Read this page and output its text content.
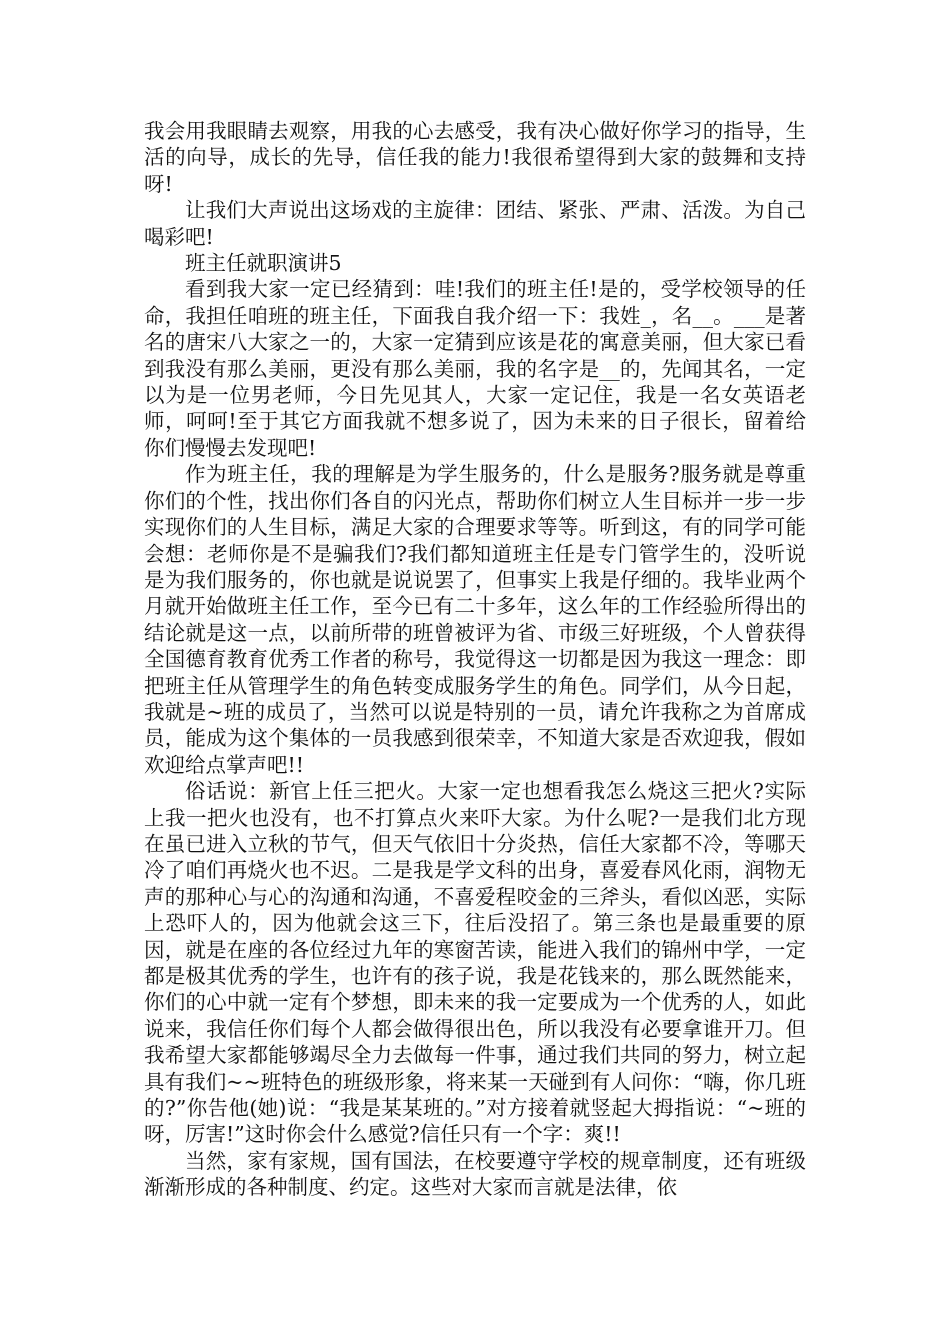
我会用我眼睛去观察，用我的心去感受，我有决心做好你学习的指导，生活的向导，成长的先导，信任我的能力!我很希望得到大家的鼓舞和支持呀!

让我们大声说出这场戏的主旋律：团结、紧张、严肃、活泼。为自己喝彩吧!

班主任就职演讲5

看到我大家一定已经猜到：哇!我们的班主任!是的，受学校领导的任命，我担任咱班的班主任，下面我自我介绍一下：我姓_，名__。___是著名的唐宋八大家之一的，大家一定猜到应该是花的寓意美丽，但大家已看到我没有那么美丽，更没有那么美丽，我的名字是__的，先闻其名，一定以为是一位男老师，今日先见其人，大家一定记住，我是一名女英语老师，呵呵!至于其它方面我就不想多说了，因为未来的日子很长，留着给你们慢慢去发现吧!

作为班主任，我的理解是为学生服务的，什么是服务?服务就是尊重你们的个性，找出你们各自的闪光点，帮助你们树立人生目标并一步一步实现你们的人生目标，满足大家的合理要求等等。听到这，有的同学可能会想：老师你是不是骗我们?我们都知道班主任是专门管学生的，没听说是为我们服务的，你也就是说说罢了，但事实上我是仔细的。我毕业两个月就开始做班主任工作，至今已有二十多年，这么年的工作经验所得出的结论就是这一点，以前所带的班曾被评为省、市级三好班级，个人曾获得全国德育教育优秀工作者的称号，我觉得这一切都是因为我这一理念：即把班主任从管理学生的角色转变成服务学生的角色。同学们，从今日起，我就是~班的成员了，当然可以说是特别的一员，请允许我称之为首席成员，能成为这个集体的一员我感到很荣幸，不知道大家是否欢迎我，假如欢迎给点掌声吧!!

俗话说：新官上任三把火。大家一定也想看我怎么烧这三把火?实际上我一把火也没有，也不打算点火来吓大家。为什么呢?一是我们北方现在虽已进入立秋的节气，但天气依旧十分炎热，信任大家都不冷，等哪天冷了咱们再烧火也不迟。二是我是学文科的出身，喜爱春风化雨，润物无声的那种心与心的沟通和沟通，不喜爱程咬金的三斧头，看似凶恶，实际上恐吓人的，因为他就会这三下，往后没招了。第三条也是最重要的原因，就是在座的各位经过九年的寒窗苦读，能进入我们的锦州中学，一定都是极其优秀的学生，也许有的孩子说，我是花钱来的，那么既然能来，你们的心中就一定有个梦想，即未来的我一定要成为一个优秀的人，如此说来，我信任你们每个人都会做得很出色，所以我没有必要拿谁开刀。但我希望大家都能够竭尽全力去做每一件事，通过我们共同的努力，树立起具有我们~~班特色的班级形象，将来某一天碰到有人问你：“嗨，你几班的?”你告他(她)说：“我是某某班的。”对方接着就竖起大拇指说：“~班的呀，厉害!”这时你会什么感觉?信任只有一个字：爽!!

当然，家有家规，国有国法，在校要遵守学校的规章制度，还有班级渐渐形成的各种制度、约定。这些对大家而言就是法律，依
